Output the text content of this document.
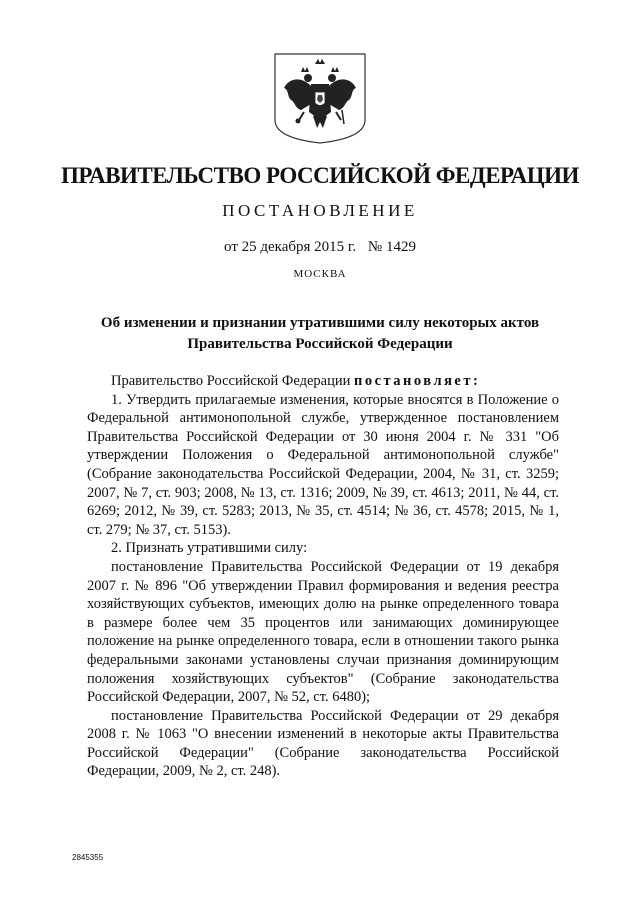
ПРАВИТЕЛЬСТВО РОССИЙСКОЙ ФЕДЕРАЦИИ
ПОСТАНОВЛЕНИЕ
от 25 декабря 2015 г. № 1429
МОСКВА
Об изменении и признании утратившими силу некоторых актов Правительства Российской Федерации

Правительство Российской Федерации постановляет:

1. Утвердить прилагаемые изменения, которые вносятся в Положение о Федеральной антимонопольной службе, утвержденное постановлением Правительства Российской Федерации от 30 июня 2004 г. № 331 "Об утверждении Положения о Федеральной антимонопольной службе" (Собрание законодательства Российской Федерации, 2004, № 31, ст. 3259; 2007, № 7, ст. 903; 2008, № 13, ст. 1316; 2009, № 39, ст. 4613; 2011, № 44, ст. 6269; 2012, № 39, ст. 5283; 2013, № 35, ст. 4514; № 36, ст. 4578; 2015, № 1, ст. 279; № 37, ст. 5153).

2. Признать утратившими силу:

постановление Правительства Российской Федерации от 19 декабря 2007 г. № 896 "Об утверждении Правил формирования и ведения реестра хозяйствующих субъектов, имеющих долю на рынке определенного товара в размере более чем 35 процентов или занимающих доминирующее положение на рынке определенного товара, если в отношении такого рынка федеральными законами установлены случаи признания доминирующим положения хозяйствующих субъектов" (Собрание законодательства Российской Федерации, 2007, № 52, ст. 6480);

постановление Правительства Российской Федерации от 29 декабря 2008 г. № 1063 "О внесении изменений в некоторые акты Правительства Российской Федерации" (Собрание законодательства Российской Федерации, 2009, № 2, ст. 248).

2845355
